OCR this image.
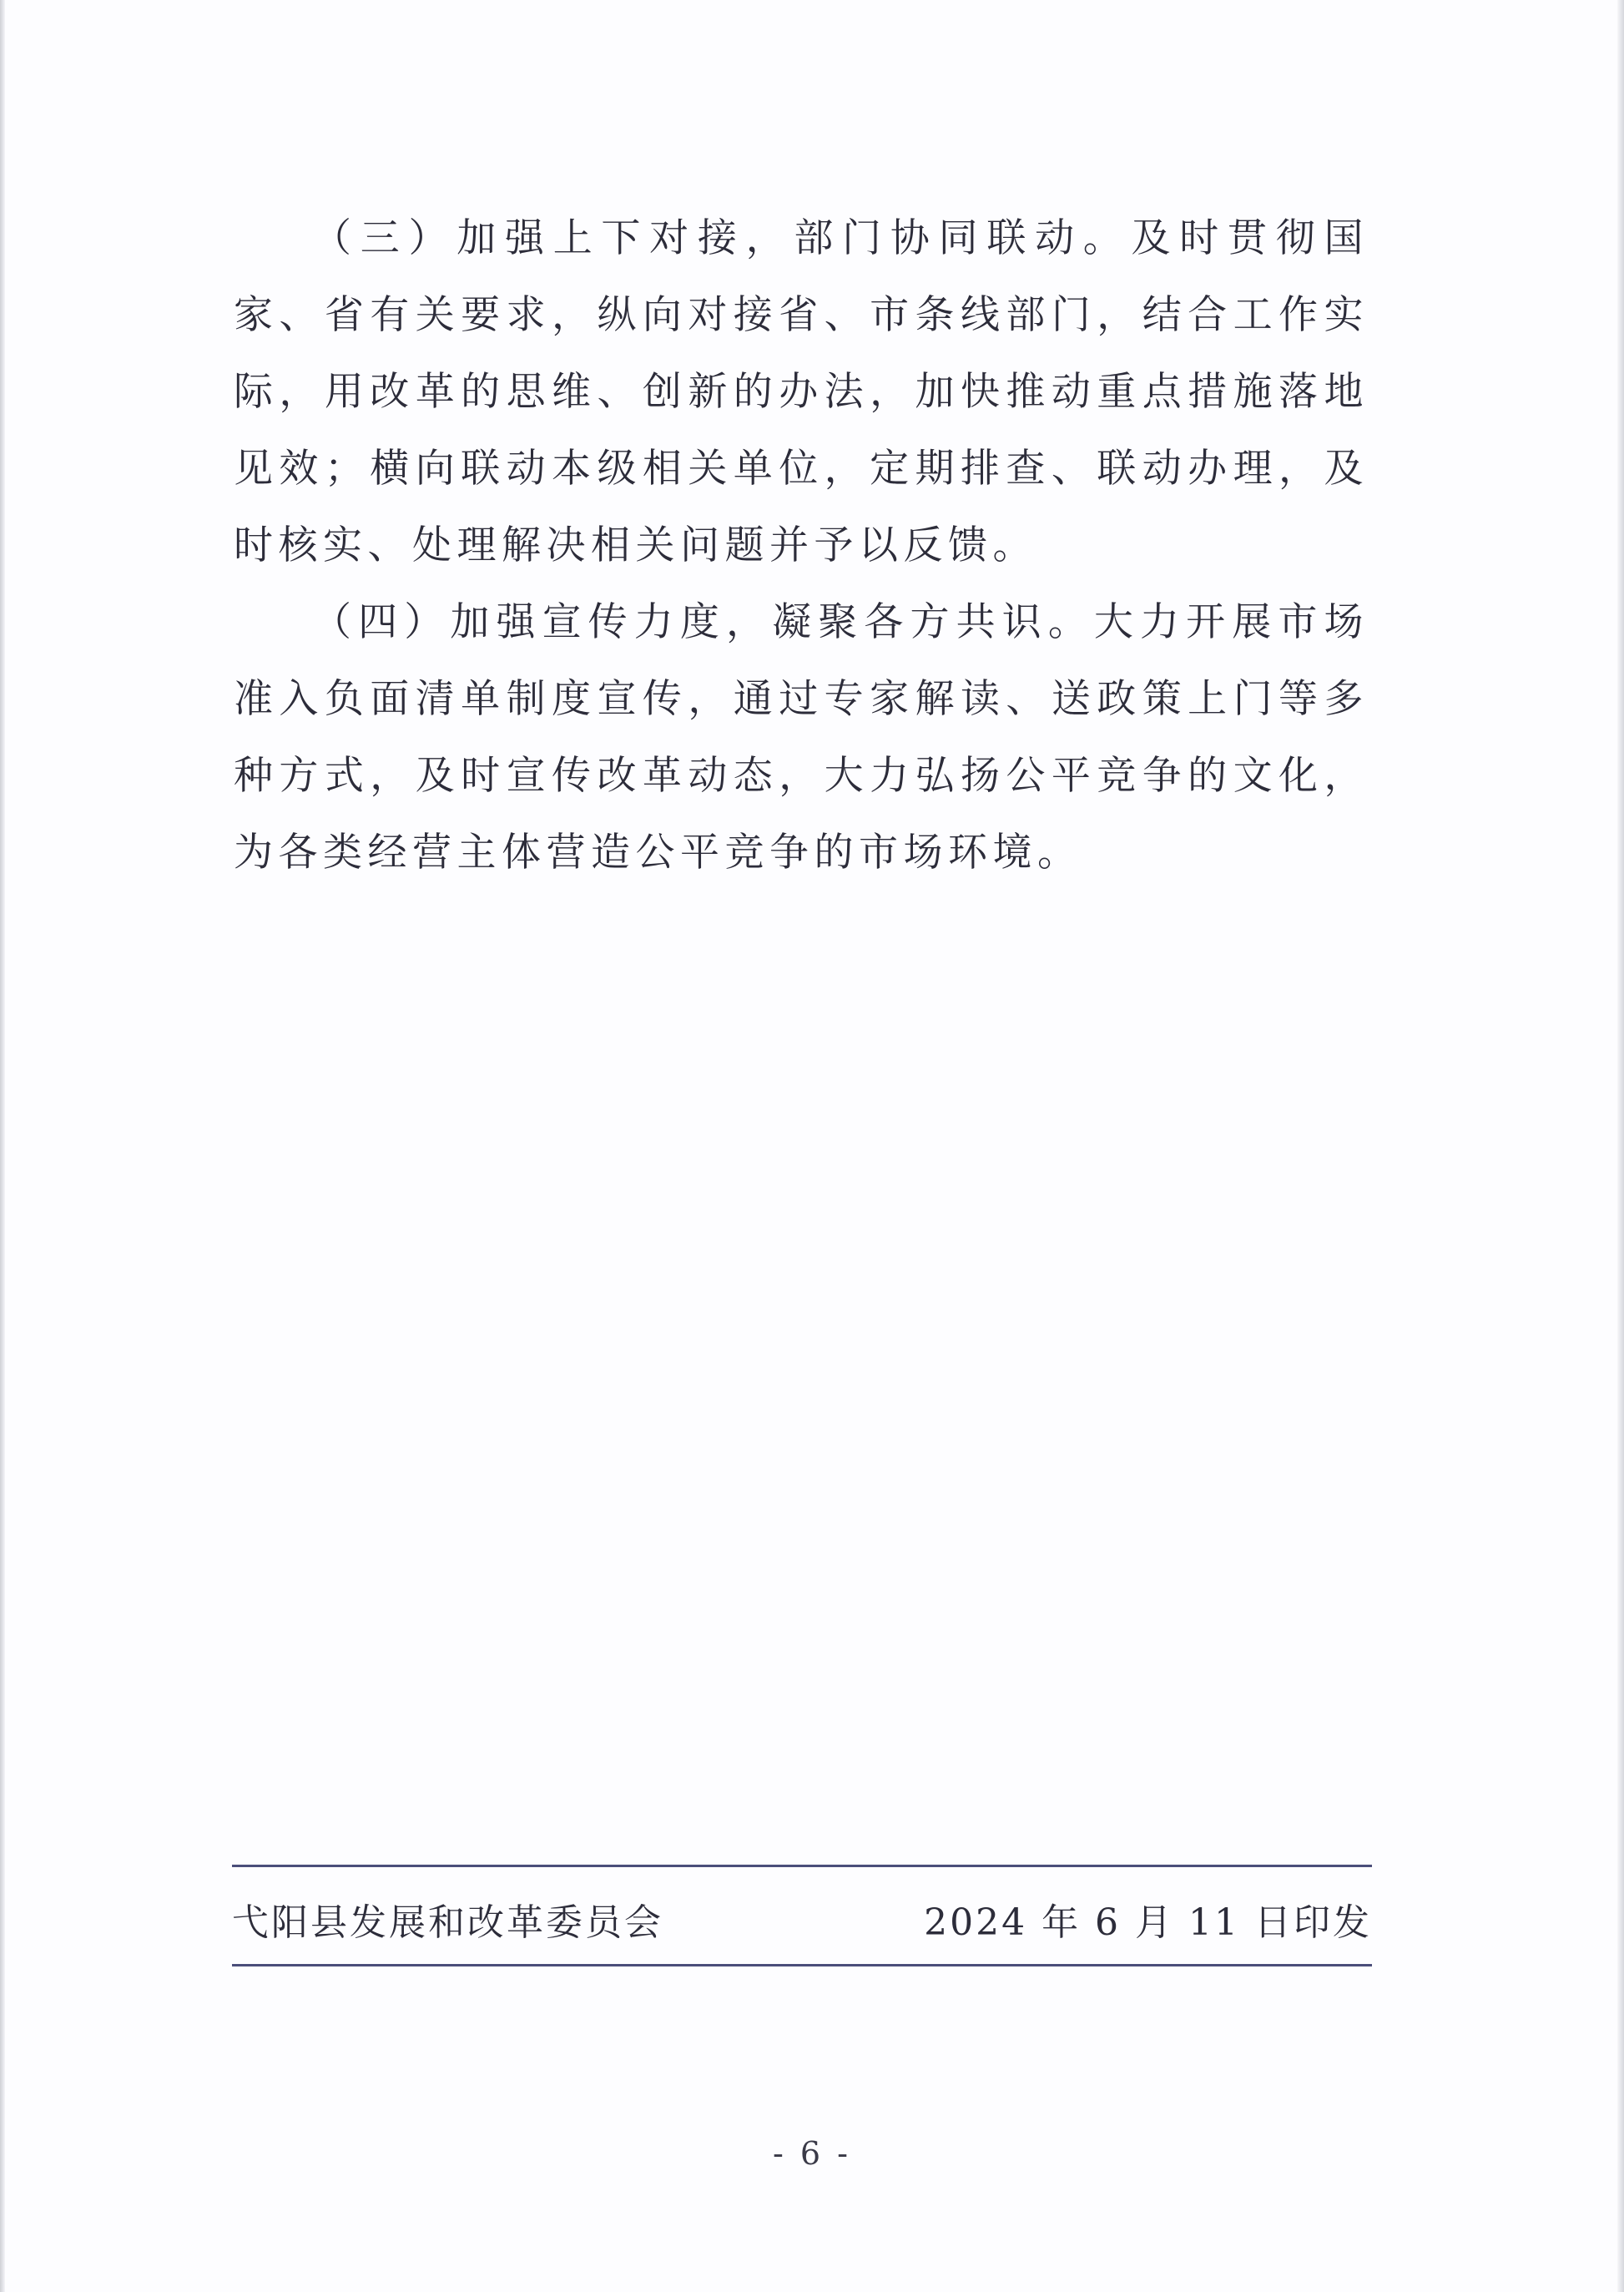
（三）加强上下对接，部门协同联动。及时贯彻国家、省有关要求，纵向对接省、市条线部门，结合工作实际，用改革的思维、创新的办法，加快推动重点措施落地见效；横向联动本级相关单位，定期排查、联动办理，及时核实、处理解决相关问题并予以反馈。

（四）加强宣传力度，凝聚各方共识。大力开展市场准入负面清单制度宣传，通过专家解读、送政策上门等多种方式，及时宣传改革动态，大力弘扬公平竞争的文化，为各类经营主体营造公平竞争的市场环境。

弋阳县发展和改革委员会	2024 年 6 月 11 日印发
- 6 -
